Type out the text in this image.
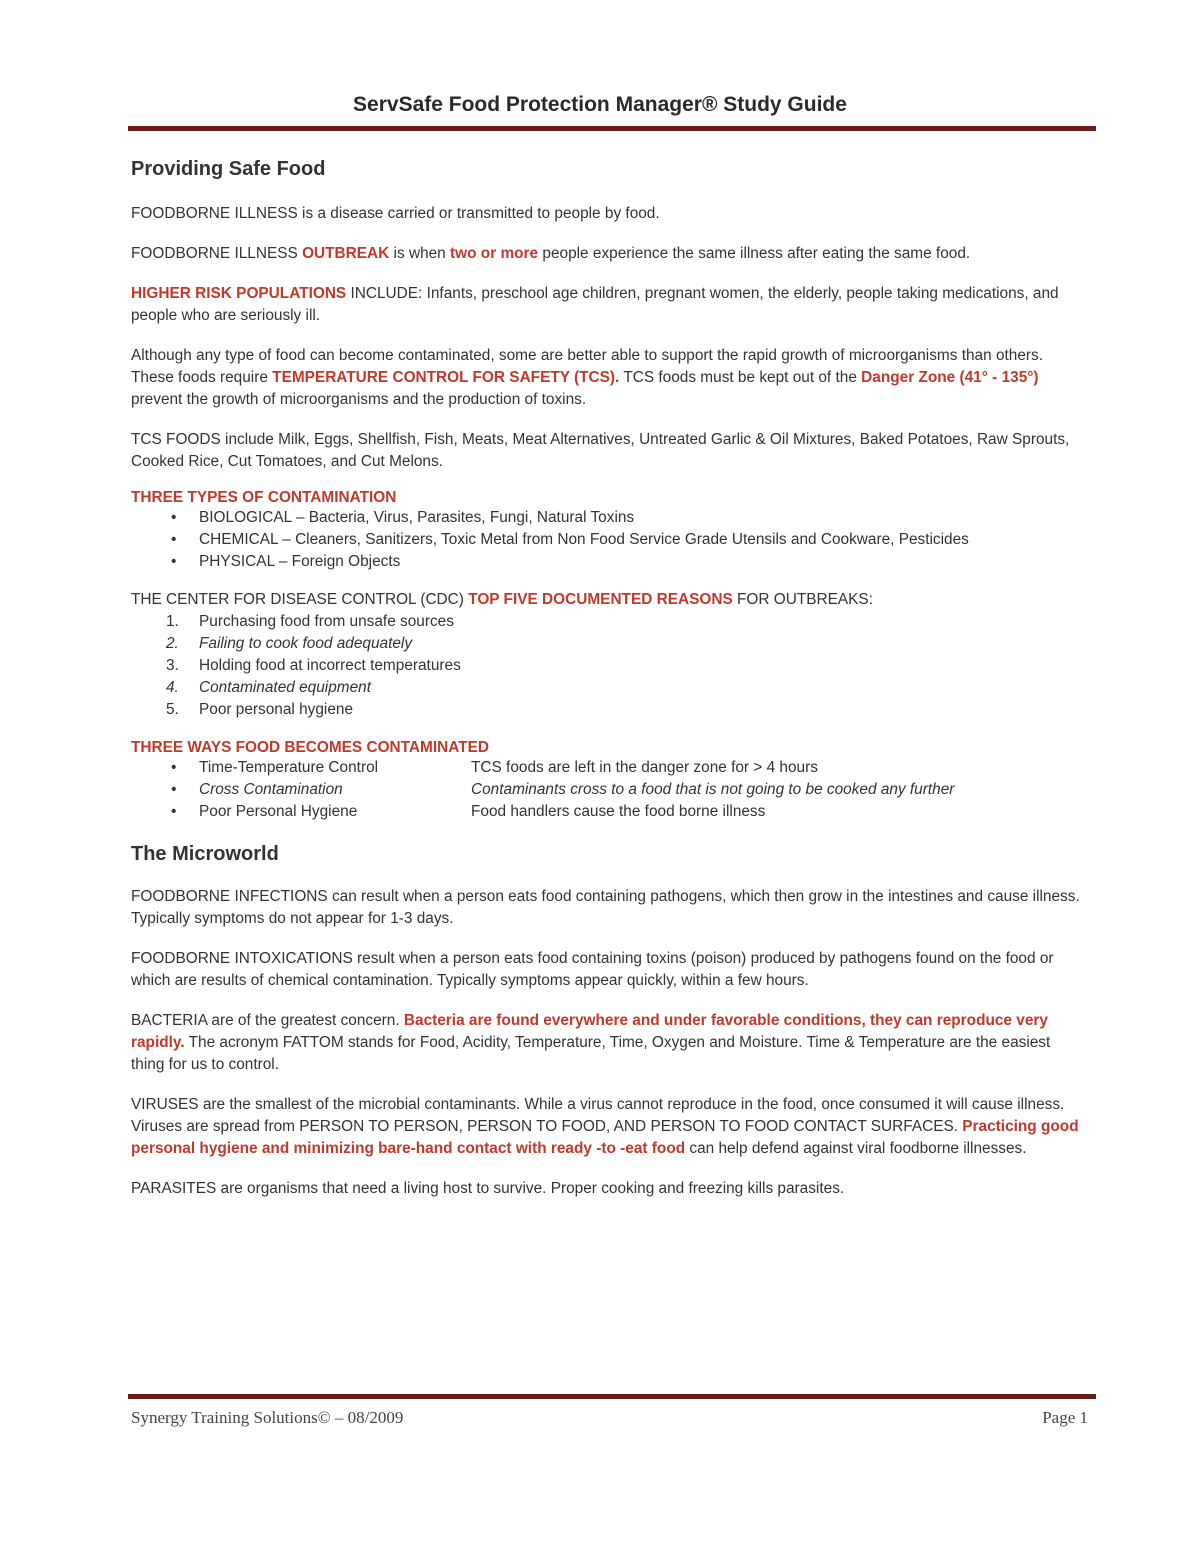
ServSafe Food Protection Manager® Study Guide
Providing Safe Food

FOODBORNE ILLNESS is a disease carried or transmitted to people by food.

FOODBORNE ILLNESS OUTBREAK is when two or more people experience the same illness after eating the same food.

HIGHER RISK POPULATIONS INCLUDE: Infants, preschool age children, pregnant women, the elderly, people taking medications, and people who are seriously ill.

Although any type of food can become contaminated, some are better able to support the rapid growth of microorganisms than others. These foods require TEMPERATURE CONTROL FOR SAFETY (TCS). TCS foods must be kept out of the Danger Zone (41° - 135°) prevent the growth of microorganisms and the production of toxins.

TCS FOODS include Milk, Eggs, Shellfish, Fish, Meats, Meat Alternatives, Untreated Garlic & Oil Mixtures, Baked Potatoes, Raw Sprouts, Cooked Rice, Cut Tomatoes, and Cut Melons.

THREE TYPES OF CONTAMINATION
• BIOLOGICAL – Bacteria, Virus, Parasites, Fungi, Natural Toxins
• CHEMICAL – Cleaners, Sanitizers, Toxic Metal from Non Food Service Grade Utensils and Cookware, Pesticides
• PHYSICAL – Foreign Objects

THE CENTER FOR DISEASE CONTROL (CDC) TOP FIVE DOCUMENTED REASONS FOR OUTBREAKS:

1. Purchasing food from unsafe sources
2. Failing to cook food adequately
3. Holding food at incorrect temperatures
4. Contaminated equipment
5. Poor personal hygiene
THREE WAYS FOOD BECOMES CONTAMINATED
• Time-Temperature Control	TCS foods are left in the danger zone for > 4 hours
• Cross Contamination	Contaminants cross to a food that is not going to be cooked any further
• Poor Personal Hygiene	Food handlers cause the food borne illness
The Microworld

FOODBORNE INFECTIONS can result when a person eats food containing pathogens, which then grow in the intestines and cause illness. Typically symptoms do not appear for 1-3 days.

FOODBORNE INTOXICATIONS result when a person eats food containing toxins (poison) produced by pathogens found on the food or which are results of chemical contamination. Typically symptoms appear quickly, within a few hours.

BACTERIA are of the greatest concern. Bacteria are found everywhere and under favorable conditions, they can reproduce very rapidly. The acronym FATTOM stands for Food, Acidity, Temperature, Time, Oxygen and Moisture. Time & Temperature are the easiest thing for us to control.

VIRUSES are the smallest of the microbial contaminants. While a virus cannot reproduce in the food, once consumed it will cause illness. Viruses are spread from PERSON TO PERSON, PERSON TO FOOD, AND PERSON TO FOOD CONTACT SURFACES. Practicing good personal hygiene and minimizing bare-hand contact with ready -to -eat food can help defend against viral foodborne illnesses.

PARASITES are organisms that need a living host to survive. Proper cooking and freezing kills parasites.

Synergy Training Solutions© – 08/2009	Page 1
